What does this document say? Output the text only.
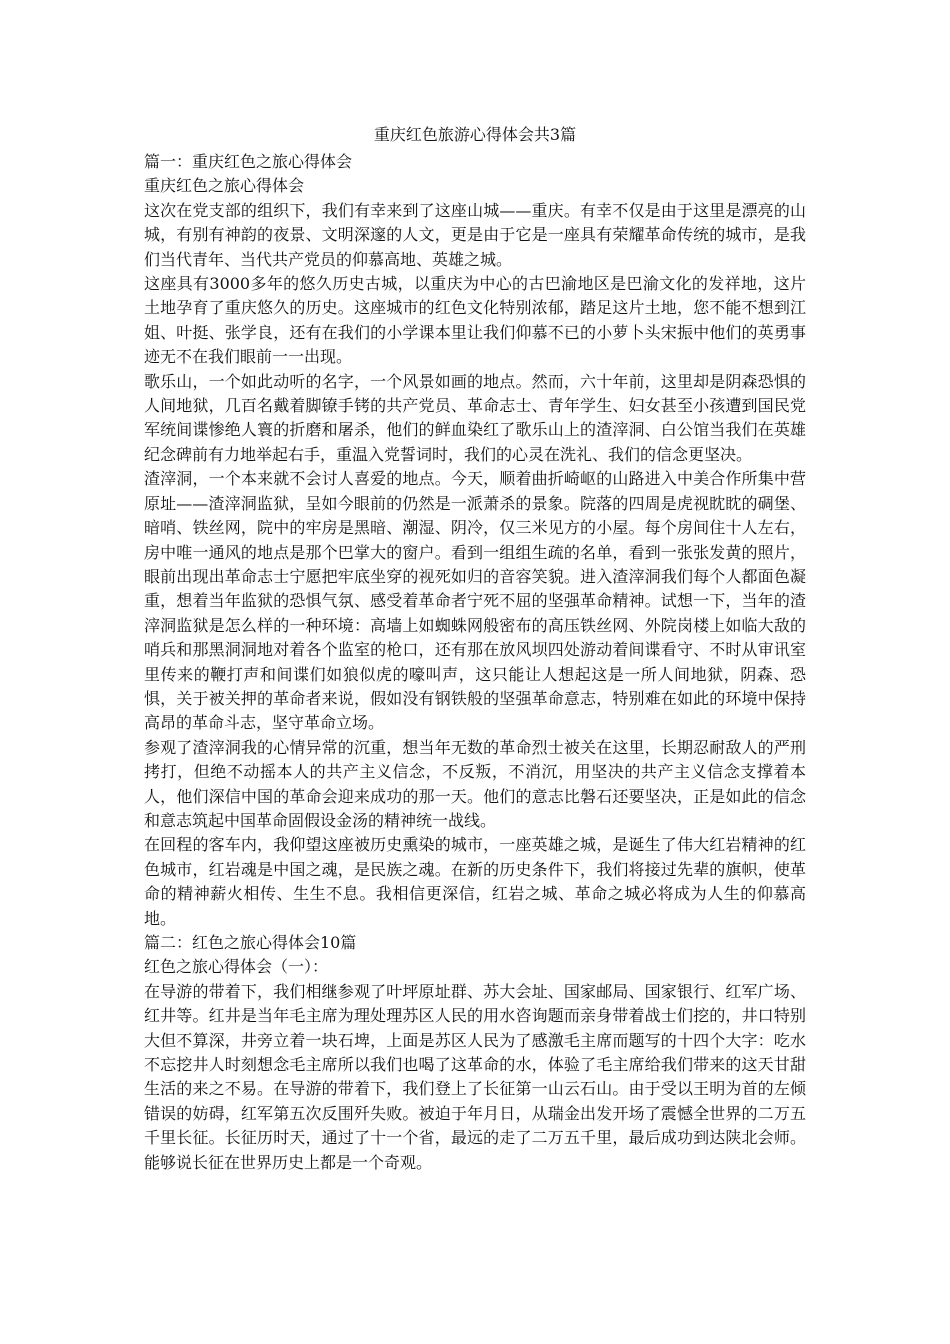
重庆红色旅游心得体会共3篇
篇一：重庆红色之旅心得体会
重庆红色之旅心得体会

这次在党支部的组织下，我们有幸来到了这座山城——重庆。有幸不仅是由于这里是漂亮的山城，有别有神韵的夜景、文明深邃的人文，更是由于它是一座具有荣耀革命传统的城市，是我们当代青年、当代共产党员的仰慕高地、英雄之城。

这座具有3000多年的悠久历史古城，以重庆为中心的古巴渝地区是巴渝文化的发祥地，这片土地孕育了重庆悠久的历史。这座城市的红色文化特别浓郁，踏足这片土地，您不能不想到江姐、叶挺、张学良，还有在我们的小学课本里让我们仰慕不已的小萝卜头宋振中他们的英勇事迹无不在我们眼前一一出现。

歌乐山，一个如此动听的名字，一个风景如画的地点。然而，六十年前，这里却是阴森恐惧的人间地狱，几百名戴着脚镣手铐的共产党员、革命志士、青年学生、妇女甚至小孩遭到国民党军统间谍惨绝人寰的折磨和屠杀，他们的鲜血染红了歌乐山上的渣滓洞、白公馆当我们在英雄纪念碑前有力地举起右手，重温入党誓词时，我们的心灵在洗礼、我们的信念更坚决。

渣滓洞，一个本来就不会讨人喜爱的地点。今天，顺着曲折崎岖的山路进入中美合作所集中营原址——渣滓洞监狱，呈如今眼前的仍然是一派萧杀的景象。院落的四周是虎视眈眈的碉堡、暗哨、铁丝网，院中的牢房是黑暗、潮湿、阴冷，仅三米见方的小屋。每个房间住十人左右，房中唯一通风的地点是那个巴掌大的窗户。看到一组组生疏的名单，看到一张张发黄的照片，眼前出现出革命志士宁愿把牢底坐穿的视死如归的音容笑貌。进入渣滓洞我们每个人都面色凝重，想着当年监狱的恐惧气氛、感受着革命者宁死不屈的坚强革命精神。试想一下，当年的渣滓洞监狱是怎么样的一种环境：高墙上如蜘蛛网般密布的高压铁丝网、外院岗楼上如临大敌的哨兵和那黑洞洞地对着各个监室的枪口，还有那在放风坝四处游动着间谍看守、不时从审讯室里传来的鞭打声和间谍们如狼似虎的嚎叫声，这只能让人想起这是一所人间地狱，阴森、恐惧，关于被关押的革命者来说，假如没有钢铁般的坚强革命意志，特别难在如此的环境中保持高昂的革命斗志，坚守革命立场。

参观了渣滓洞我的心情异常的沉重，想当年无数的革命烈士被关在这里，长期忍耐敌人的严刑拷打，但绝不动摇本人的共产主义信念，不反叛，不消沉，用坚决的共产主义信念支撑着本人，他们深信中国的革命会迎来成功的那一天。他们的意志比磐石还要坚决，正是如此的信念和意志筑起中国革命固假设金汤的精神统一战线。

在回程的客车内，我仰望这座被历史熏染的城市，一座英雄之城，是诞生了伟大红岩精神的红色城市，红岩魂是中国之魂，是民族之魂。在新的历史条件下，我们将接过先辈的旗帜，使革命的精神薪火相传、生生不息。我相信更深信，红岩之城、革命之城必将成为人生的仰慕高地。

篇二：红色之旅心得体会10篇
红色之旅心得体会（一）：

在导游的带着下，我们相继参观了叶坪原址群、苏大会址、国家邮局、国家银行、红军广场、红井等。红井是当年毛主席为理处理苏区人民的用水咨询题而亲身带着战士们挖的，井口特别大但不算深，井旁立着一块石埤，上面是苏区人民为了感激毛主席而题写的十四个大字：吃水不忘挖井人时刻想念毛主席所以我们也喝了这革命的水，体验了毛主席给我们带来的这天甘甜生活的来之不易。在导游的带着下，我们登上了长征第一山云石山。由于受以王明为首的左倾错误的妨碍，红军第五次反围歼失败。被迫于年月日，从瑞金出发开场了震憾全世界的二万五千里长征。长征历时天，通过了十一个省，最远的走了二万五千里，最后成功到达陕北会师。能够说长征在世界历史上都是一个奇观。
